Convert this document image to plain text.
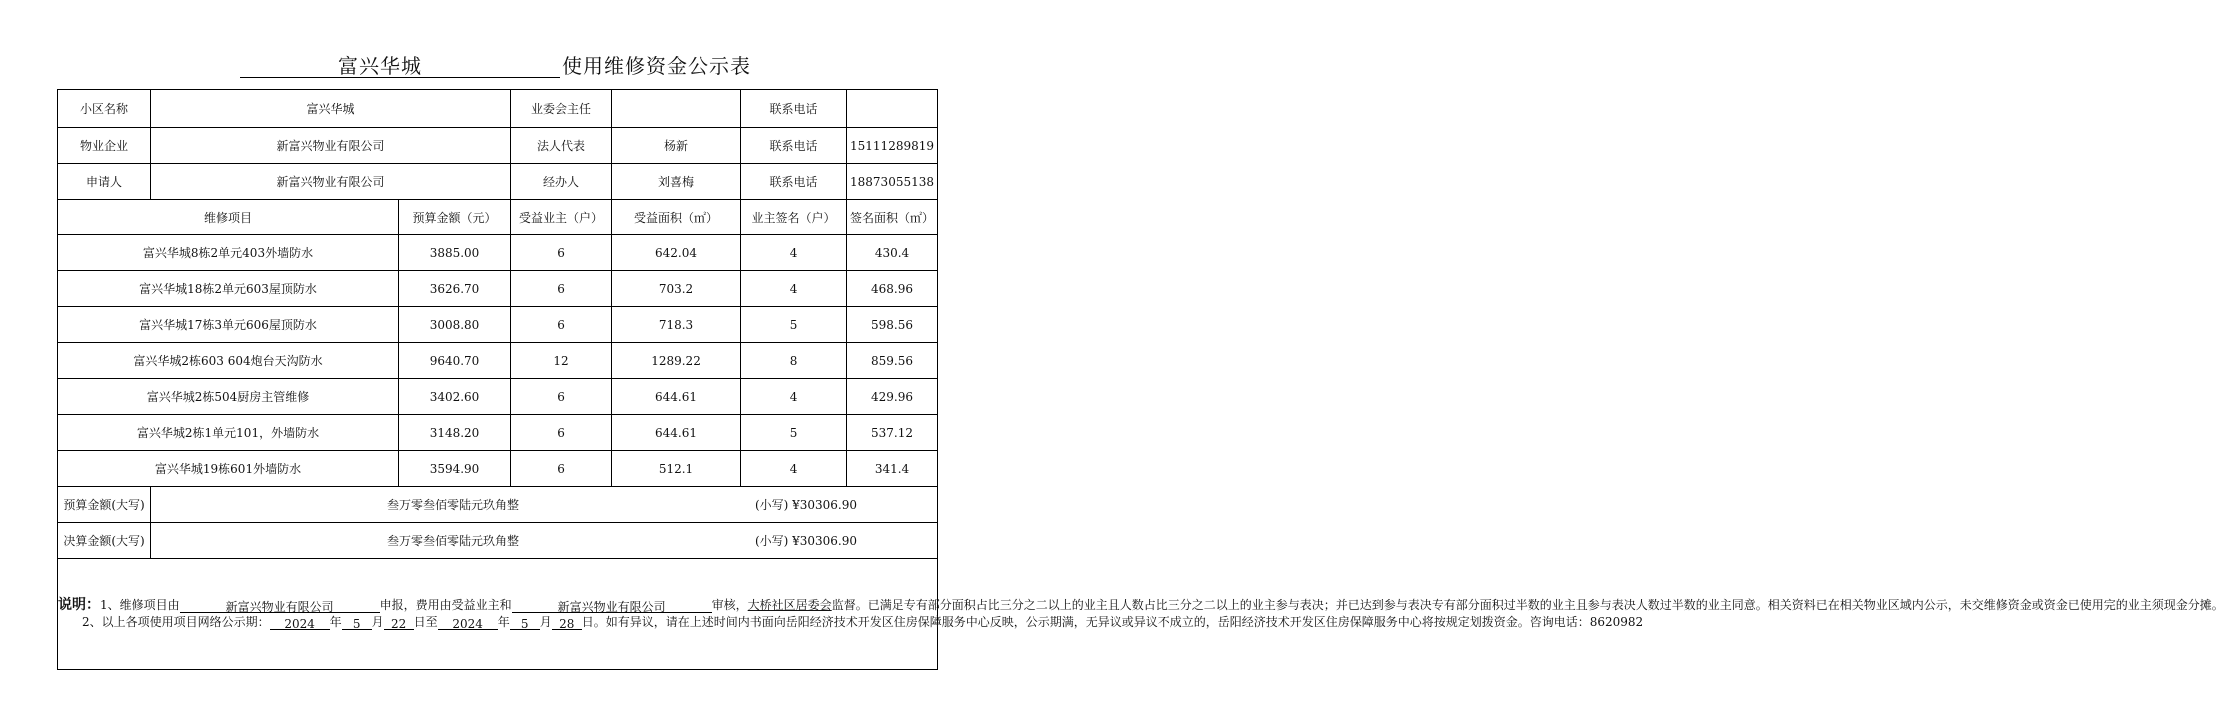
富兴华城	使用维修资金公示表
小区名称	富兴华城		业委会主任		联系电话	
物业企业	新富兴物业有限公司		法人代表	杨新	联系电话	15111289819
申请人	新富兴物业有限公司		经办人	刘喜梅	联系电话	18873055138
维修项目		预算金额（元）	受益业主（户）	受益面积（㎡）	业主签名（户）	签名面积（㎡）
富兴华城8栋2单元403外墙防水		3885.00	6	642.04	4	430.4
富兴华城18栋2单元603屋顶防水		3626.70	6	703.2	4	468.96
富兴华城17栋3单元606屋顶防水		3008.80	6	718.3	5	598.56
富兴华城2栋603 604炮台天沟防水		9640.70	12	1289.22	8	859.56
富兴华城2栋504厨房主管维修		3402.60	6	644.61	4	429.96
富兴华城2栋1单元101，外墙防水		3148.20	6	644.61	5	537.12
富兴华城19栋601外墙防水		3594.90	6	512.1	4	341.4
预算金额(大写)	叁万零叁佰零陆元玖角整 (小写) ¥30306.90					

决算金额(大写)	叁万零叁佰零陆元玖角整 (小写) ¥30306.90					

说明：1、维修项目由 新富兴物业有限公司 申报，费用由受益业主和 新富兴物业有限公司 审核，大桥社区居委会监督。已满足专有部分面积占比三分之二以上的业主且人数占比三分之二以上的业主参与表决；并已达到参与表决专有部分面积过半数的业主且参与表决人数过半数的业主同意。相关资料已在相关物业区域内公示，未交维修资金或资金已使用完的业主须现金分摊。
2、以上各项使用项目网络公示期： 2024 年 5 月 22 日至 2024 年 5 月 28 日。如有异议，请在上述时间内书面向岳阳经济技术开发区住房保障服务中心反映，公示期满，无异议或异议不成立的，岳阳经济技术开发区住房保障服务中心将按规定划拨资金。咨询电话：8620982						
